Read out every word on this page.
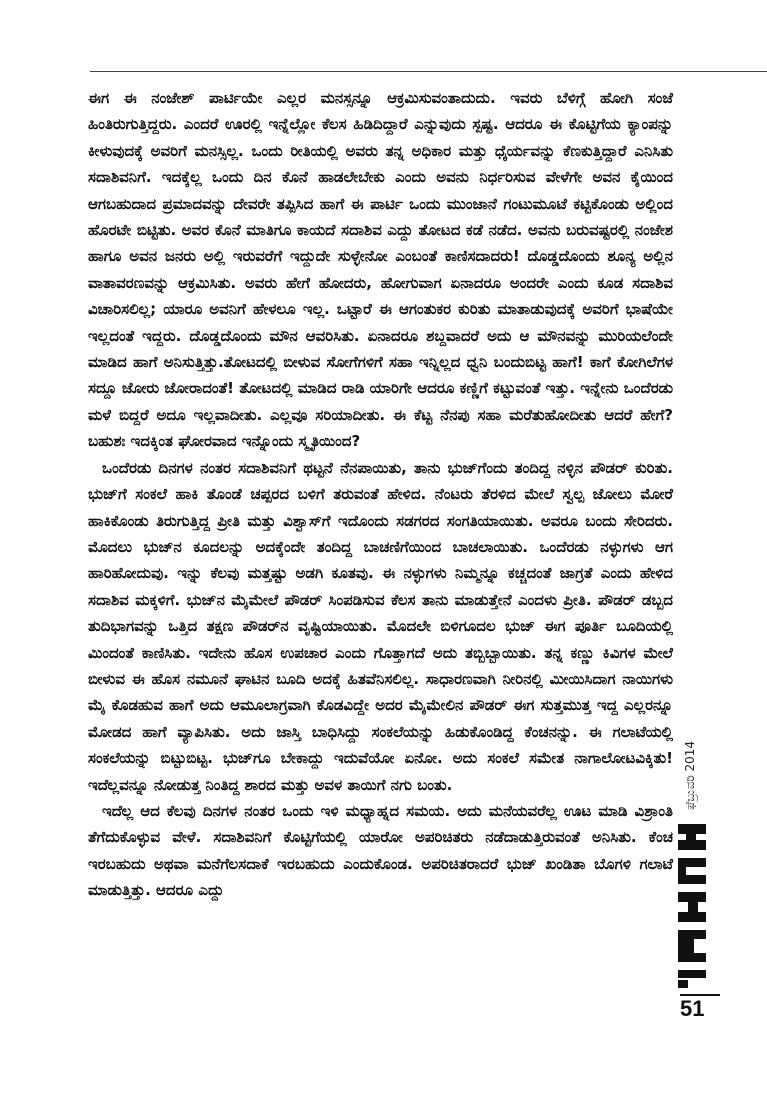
ಈಗ ಈ ನಂಜೇಶ್ ಪಾರ್ಟಿಯೇ ಎಲ್ಲರ ಮನಸ್ಸನ್ನೂ ಆಕ್ರಮಿಸುವಂತಾದುದು. ಇವರು ಬೆಳಿಗ್ಗೆ ಹೋಗಿ ಸಂಜೆ ಹಿಂತಿರುಗುತ್ತಿದ್ದರು. ಎಂದರೆ ಊರಲ್ಲಿ ಇನ್ನೆಲ್ಲೋ ಕೆಲಸ ಹಿಡಿದಿದ್ದಾರೆ ಎನ್ನುವುದು ಸ್ಪಷ್ಟ. ಆದರೂ ಈ ಕೊಟ್ಟಿಗೆಯ ಕ್ಯಾಂಪನ್ನು ಕೀಳುವುದಕ್ಕೆ ಅವರಿಗೆ ಮನಸ್ಸಿಲ್ಲ. ಒಂದು ರೀತಿಯಲ್ಲಿ ಅವರು ತನ್ನ ಅಧಿಕಾರ ಮತ್ತು ಧೈರ್ಯವನ್ನು ಕೆಣಕುತ್ತಿದ್ದಾರೆ ಎನಿಸಿತು ಸದಾಶಿವನಿಗೆ. ಇದಕ್ಕೆಲ್ಲ ಒಂದು ದಿನ ಕೊನೆ ಹಾಡಲೇಬೇಕು ಎಂದು ಅವನು ನಿರ್ಧರಿಸುವ ವೇಳೆಗೇ ಅವನ ಕೈಯಿಂದ ಆಗಬಹುದಾದ ಪ್ರಮಾದವನ್ನು ದೇವರೇ ತಪ್ಪಿಸಿದ ಹಾಗೆ ಈ ಪಾರ್ಟಿ ಒಂದು ಮುಂಜಾನೆ ಗಂಟುಮೂಟೆ ಕಟ್ಟಿಕೊಂಡು ಅಲ್ಲಿಂದ ಹೊರಟೇ ಬಿಟ್ಟಿತು. ಅವರ ಕೊನೆ ಮಾತಿಗೂ ಕಾಯದೆ ಸದಾಶಿವ ಎದ್ದು ತೋಟದ ಕಡೆ ನಡೆದ. ಅವನು ಬರುವಷ್ಟರಲ್ಲಿ ನಂಜೇಶ ಹಾಗೂ ಅವನ ಜನರು ಅಲ್ಲಿ ಇರುವರೆಗೆ ಇದ್ದುದೇ ಸುಳ್ಳೇನೋ ಎಂಬಂತೆ ಕಾಣಿಸದಾದರು! ದೊಡ್ಡದೊಂದು ಶೂನ್ಯ ಅಲ್ಲಿನ ವಾತಾವರಣವನ್ನು ಆಕ್ರಮಿಸಿತು. ಅವರು ಹೇಗೆ ಹೋದರು, ಹೋಗುವಾಗ ಏನಾದರೂ ಅಂದರೇ ಎಂದು ಕೂಡ ಸದಾಶಿವ ವಿಚಾರಿಸಲಿಲ್ಲ; ಯಾರೂ ಅವನಿಗೆ ಹೇಳಲೂ ಇಲ್ಲ. ಒಟ್ಟಾರೆ ಈ ಆಗಂತುಕರ ಕುರಿತು ಮಾತಾಡುವುದಕ್ಕೆ ಅವರಿಗೆ ಭಾಷೆಯೇ ಇಲ್ಲದಂತೆ ಇದ್ದರು. ದೊಡ್ಡದೊಂದು ಮೌನ ಆವರಿಸಿತು. ಏನಾದರೂ ಶಬ್ದವಾದರೆ ಅದು ಆ ಮೌನವನ್ನು ಮುರಿಯಲೆಂದೇ ಮಾಡಿದ ಹಾಗೆ ಅನಿಸುತ್ತಿತ್ತು.ತೋಟದಲ್ಲಿ ಬೀಳುವ ಸೋಗೆಗಳಿಗೆ ಸಹಾ ಇನ್ನಿಲ್ಲದ ಧ್ವನಿ ಬಂದುಬಿಟ್ಟ ಹಾಗೆ! ಕಾಗೆ ಕೋಗಿಲೆಗಳ ಸದ್ದೂ ಜೋರು ಜೋರಾದಂತೆ! ತೋಟದಲ್ಲಿ ಮಾಡಿದ ರಾಡಿ ಯಾರಿಗೇ ಆದರೂ ಕಣ್ಣಿಗೆ ಕಟ್ಟುವಂತೆ ಇತ್ತು. ಇನ್ನೇನು ಒಂದೆರಡು ಮಳೆ ಬಿದ್ದರೆ ಅದೂ ಇಲ್ಲವಾದೀತು. ಎಲ್ಲವೂ ಸರಿಯಾದೀತು. ಈ ಕೆಟ್ಟ ನೆನಪು ಸಹಾ ಮರೆತುಹೋದೀತು ಆದರೆ ಹೇಗೆ? ಬಹುಶಃ ಇದಕ್ಕಿಂತ ಘೋರವಾದ ಇನ್ನೊಂದು ಸ್ಮೃತಿಯಿಂದ?

ಒಂದೆರಡು ದಿನಗಳ ನಂತರ ಸದಾಶಿವನಿಗೆ ಥಟ್ಟನೆ ನೆನಪಾಯಿತು, ತಾನು ಭುಜ್‌ಗೆಂದು ತಂದಿದ್ದ ನಳ್ಳಿನ ಪೌಡರ್ ಕುರಿತು. ಭುಜ್‌ಗೆ ಸಂಕಲೆ ಹಾಕಿ ತೊಂಡೆ ಚಪ್ಪರದ ಬಳಿಗೆ ತರುವಂತೆ ಹೇಳಿದ. ನೆಂಟರು ತೆರಳಿದ ಮೇಲೆ ಸ್ವಲ್ಪ ಜೋಲು ಮೋರೆ ಹಾಕಿಕೊಂಡು ತಿರುಗುತ್ತಿದ್ದ ಪ್ರೀತಿ ಮತ್ತು ವಿಶ್ವಾಸ್‌ಗೆ ಇದೊಂದು ಸಡಗರದ ಸಂಗತಿಯಾಯಿತು. ಅವರೂ ಬಂದು ಸೇರಿದರು. ಮೊದಲು ಭುಜ್‌ನ ಕೂದಲನ್ನು ಅದಕ್ಕೆಂದೇ ತಂದಿದ್ದ ಬಾಚಣಿಗೆಯಿಂದ ಬಾಚಲಾಯಿತು. ಒಂದೆರಡು ನಳ್ಳುಗಳು ಆಗ ಹಾರಿಹೋದುವು. ಇನ್ನು ಕೆಲವು ಮತ್ತಷ್ಟು ಅಡಗಿ ಕೂತವು. ಈ ನಳ್ಳುಗಳು ನಿಮ್ಮನ್ನೂ ಕಚ್ಚದಂತೆ ಜಾಗ್ರತೆ ಎಂದು ಹೇಳಿದ ಸದಾಶಿವ ಮಕ್ಕಳಿಗೆ. ಭುಜ್‌ನ ಮೈಮೇಲೆ ಪೌಡರ್ ಸಿಂಪಡಿಸುವ ಕೆಲಸ ತಾನು ಮಾಡುತ್ತೇನೆ ಎಂದಳು ಪ್ರೀತಿ. ಪೌಡರ್ ಡಬ್ಬದ ತುದಿಭಾಗವನ್ನು ಒತ್ತಿದ ತಕ್ಷಣ ಪೌಡರ್‌ನ ವೃಷ್ಟಿಯಾಯಿತು. ಮೊದಲೇ ಬಿಳಿಗೂದಲ ಭುಜ್ ಈಗ ಪೂರ್ತಿ ಬೂದಿಯಲ್ಲಿ ಮಿಂದಂತೆ ಕಾಣಿಸಿತು. ಇದೇನು ಹೊಸ ಉಪಚಾರ ಎಂದು ಗೊತ್ತಾಗದೆ ಅದು ತಬ್ಬಿಬ್ಬಾಯಿತು. ತನ್ನ ಕಣ್ಣು ಕಿವಿಗಳ ಮೇಲೆ ಬೀಳುವ ಈ ಹೊಸ ನಮೂನೆ ಘಾಟಿನ ಬೂದಿ ಅದಕ್ಕೆ ಹಿತವೆನಿಸಲಿಲ್ಲ. ಸಾಧಾರಣವಾಗಿ ನೀರಿನಲ್ಲಿ ಮೀಯಿಸಿದಾಗ ನಾಯಿಗಳು ಮೈ ಕೊಡಹುವ ಹಾಗೆ ಅದು ಆಮೂಲಾಗ್ರವಾಗಿ ಕೊಡವಿದ್ದೇ ಅದರ ಮೈಮೇಲಿನ ಪೌಡರ್ ಈಗ ಸುತ್ತಮುತ್ತ ಇದ್ದ ಎಲ್ಲರನ್ನೂ ಮೋಡದ ಹಾಗೆ ವ್ಯಾಪಿಸಿತು. ಅದು ಜಾಸ್ತಿ ಬಾಧಿಸಿದ್ದು ಸಂಕಲೆಯನ್ನು ಹಿಡುಕೊಂಡಿದ್ದ ಕೆಂಚನನ್ನು. ಈ ಗಲಾಟೆಯಲ್ಲಿ ಸಂಕಲೆಯನ್ನು ಬಿಟ್ಟುಬಿಟ್ಟ. ಭುಜ್‌ಗೂ ಬೇಕಾದ್ದು ಇದುವೆಯೋ ಏನೋ. ಅದು ಸಂಕಲೆ ಸಮೇತ ನಾಗಾಲೋಟವಿಕ್ಕಿತು! ಇದೆಲ್ಲವನ್ನೂ ನೋಡುತ್ತ ನಿಂತಿದ್ದ ಶಾರದ ಮತ್ತು ಅವಳ ತಾಯಿಗೆ ನಗು ಬಂತು.

ಇದೆಲ್ಲ ಆದ ಕೆಲವು ದಿನಗಳ ನಂತರ ಒಂದು ಇಳಿ ಮಧ್ಯಾಹ್ನದ ಸಮಯ. ಅದು ಮನೆಯವರೆಲ್ಲ ಊಟ ಮಾಡಿ ವಿಶ್ರಾಂತಿ ತೆಗೆದುಕೊಳ್ಳುವ ವೇಳೆ. ಸದಾಶಿವನಿಗೆ ಕೊಟ್ಟಿಗೆಯಲ್ಲಿ ಯಾರೋ ಅಪರಿಚಿತರು ನಡೆದಾಡುತ್ತಿರುವಂತೆ ಅನಿಸಿತು. ಕೆಂಚ ಇರಬಹುದು ಅಥವಾ ಮನೆಗೆಲಸದಾಕೆ ಇರಬಹುದು ಎಂದುಕೊಂಡ. ಅಪರಿಚಿತರಾದರೆ ಭುಜ್ ಖಂಡಿತಾ ಬೊಗಳಿ ಗಲಾಟೆ ಮಾಡುತ್ತಿತ್ತು. ಆದರೂ ಎದ್ದು

ಫೆಬ್ರುವರಿ 2014
51
